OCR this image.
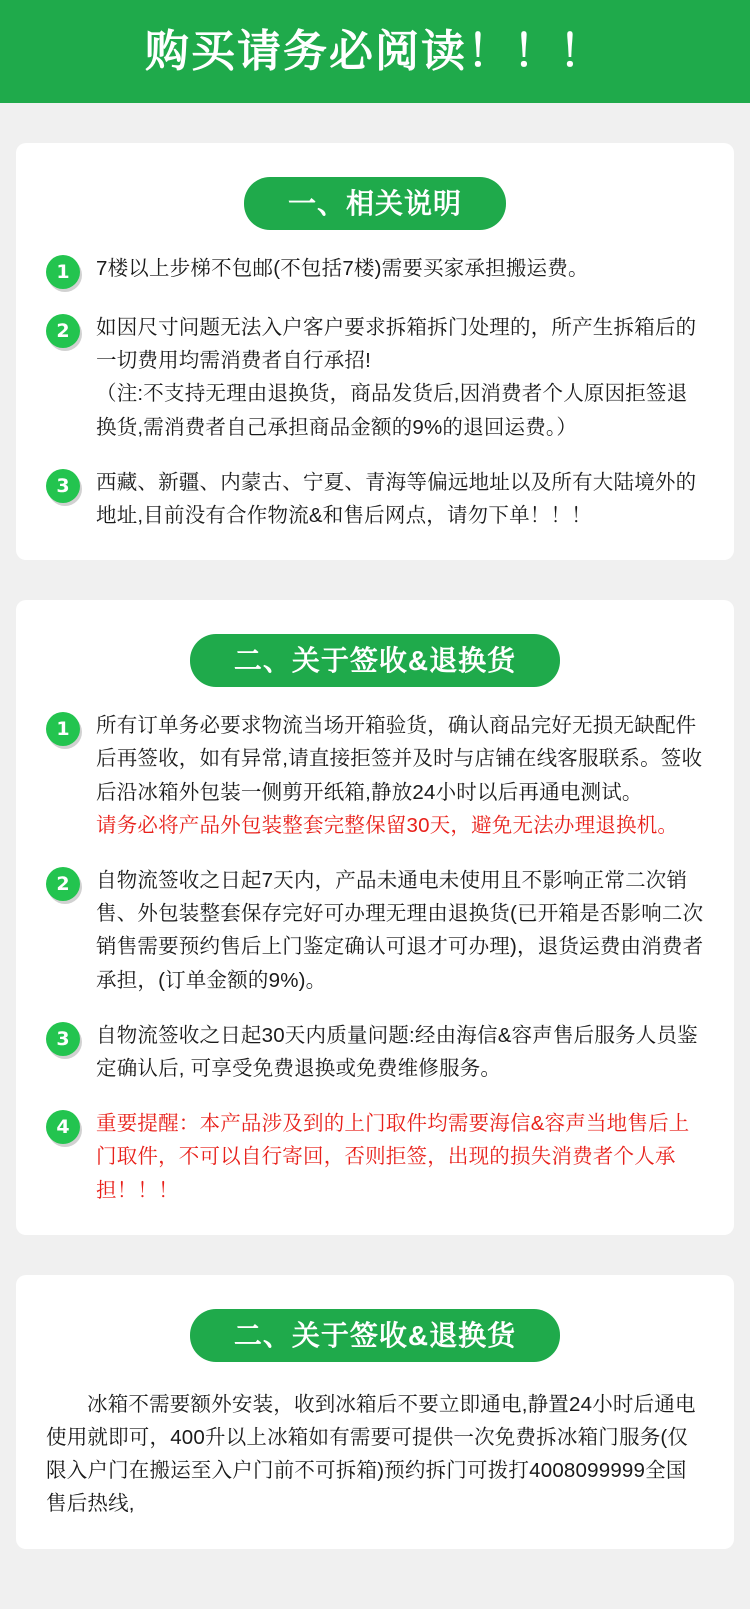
购买请务必阅读！！！
一、相关说明
1	7楼以上步梯不包邮(不包括7楼)需要买家承担搬运费。
2	如因尺寸问题无法入户客户要求拆箱拆门处理的，所产生拆箱后的一切费用均需消费者自行承招!
（注:不支持无理由退换货，商品发货后,因消费者个人原因拒签退换货,需消费者自己承担商品金额的9%的退回运费。）
3	西藏、新疆、内蒙古、宁夏、青海等偏远地址以及所有大陆境外的地址,目前没有合作物流&和售后网点，请勿下单！！！
二、关于签收&退换货
1	所有订单务必要求物流当场开箱验货，确认商品完好无损无缺配件后再签收，如有异常,请直接拒签并及时与店铺在线客服联系。签收后沿冰箱外包装一侧剪开纸箱,静放24小时以后再通电测试。
请务必将产品外包装整套完整保留30天，避免无法办理退换机。
2	自物流签收之日起7天内，产品未通电未使用且不影响正常二次销售、外包装整套保存完好可办理无理由退换货(已开箱是否影响二次销售需要预约售后上门鉴定确认可退才可办理)，退货运费由消费者承担，(订单金额的9%)。
3	自物流签收之日起30天内质量问题:经由海信&容声售后服务人员鉴定确认后, 可享受免费退换或免费维修服务。
4	重要提醒：本产品涉及到的上门取件均需要海信&容声当地售后上门取件，不可以自行寄回，否则拒签，出现的损失消费者个人承担！！！
二、关于签收&退换货
冰箱不需要额外安装，收到冰箱后不要立即通电,静置24小时后通电使用就即可，400升以上冰箱如有需要可提供一次免费拆冰箱门服务(仅限入户门在搬运至入户门前不可拆箱)预约拆门可拨打4008099999全国售后热线,
